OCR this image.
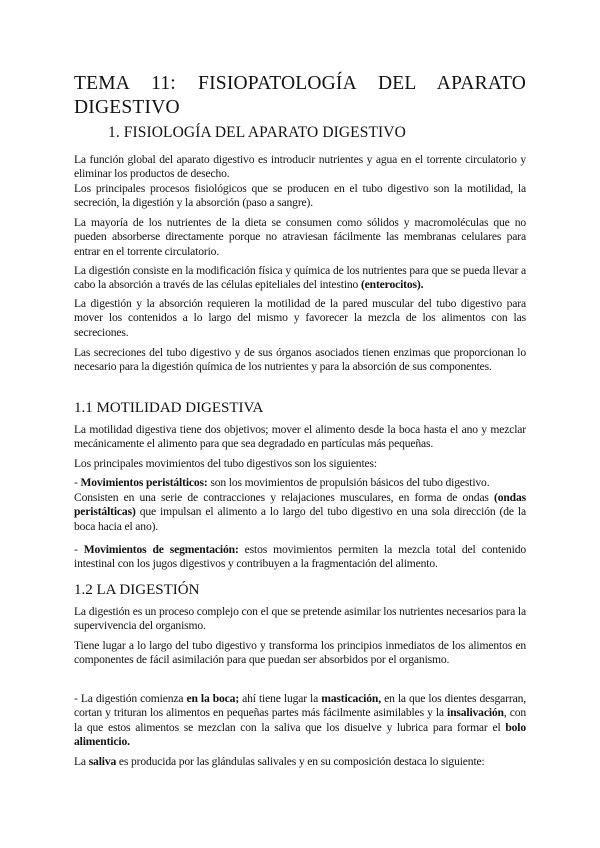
TEMA 11: FISIOPATOLOGÍA DEL APARATO
DIGESTIVO
1. FISIOLOGÍA DEL APARATO DIGESTIVO
La función global del aparato digestivo es introducir nutrientes y agua en el torrente circulatorio y eliminar los productos de desecho.
Los principales procesos fisiológicos que se producen en el tubo digestivo son la motilidad, la secreción, la digestión y la absorción (paso a sangre).
La mayoría de los nutrientes de la dieta se consumen como sólidos y macromoléculas que no pueden absorberse directamente porque no atraviesan fácilmente las membranas celulares para entrar en el torrente circulatorio.
La digestión consiste en la modificación física y química de los nutrientes para que se pueda llevar a cabo la absorción a través de las células epiteliales del intestino (enterocitos).
La digestión y la absorción requieren la motilidad de la pared muscular del tubo digestivo para mover los contenidos a lo largo del mismo y favorecer la mezcla de los alimentos con las secreciones.
Las secreciones del tubo digestivo y de sus órganos asociados tienen enzimas que proporcionan lo necesario para la digestión química de los nutrientes y para la absorción de sus componentes.
1.1 MOTILIDAD DIGESTIVA
La motilidad digestiva tiene dos objetivos; mover el alimento desde la boca hasta el ano y mezclar mecánicamente el alimento para que sea degradado en partículas más pequeñas.
Los principales movimientos del tubo digestivos son los siguientes:
- Movimientos peristálticos: son los movimientos de propulsión básicos del tubo digestivo.
Consisten en una serie de contracciones y relajaciones musculares, en forma de ondas (ondas peristálticas) que impulsan el alimento a lo largo del tubo digestivo en una sola dirección (de la boca hacia el ano).
- Movimientos de segmentación: estos movimientos permiten la mezcla total del contenido intestinal con los jugos digestivos y contribuyen a la fragmentación del alimento.
1.2 LA DIGESTIÓN
La digestión es un proceso complejo con el que se pretende asimilar los nutrientes necesarios para la supervivencia del organismo.
Tiene lugar a lo largo del tubo digestivo y transforma los principios inmediatos de los alimentos en componentes de fácil asimilación para que puedan ser absorbidos por el organismo.
- La digestión comienza en la boca; ahí tiene lugar la masticación, en la que los dientes desgarran, cortan y trituran los alimentos en pequeñas partes más fácilmente asimilables y la insalivación, con la que estos alimentos se mezclan con la saliva que los disuelve y lubrica para formar el bolo alimenticio.
La saliva es producida por las glándulas salivales y en su composición destaca lo siguiente:
